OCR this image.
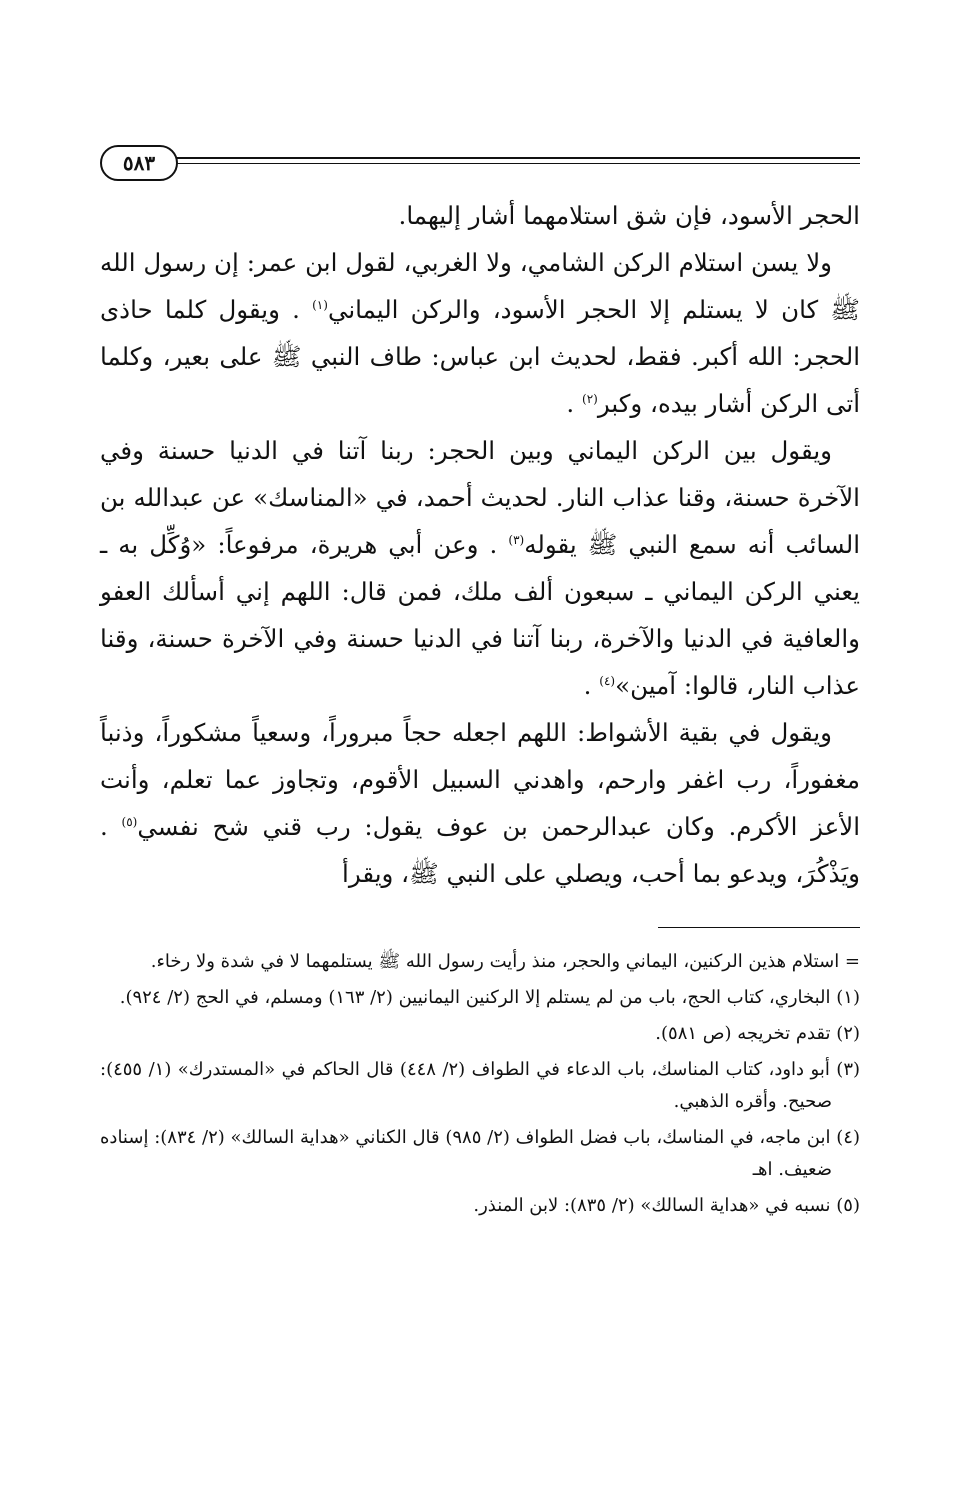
٥٨٣

الحجر الأسود، فإن شق استلامهما أشار إليهما.

ولا يسن استلام الركن الشامي، ولا الغربي، لقول ابن عمر: إن رسول الله ﷺ كان لا يستلم إلا الحجر الأسود، والركن اليماني$^{(١)}$ . ويقول كلما حاذى الحجر: الله أكبر. فقط، لحديث ابن عباس: طاف النبي ﷺ على بعير، وكلما أتى الركن أشار بيده، وكبر$^{(٢)}$ .

ويقول بين الركن اليماني وبين الحجر: ربنا آتنا في الدنيا حسنة وفي الآخرة حسنة، وقنا عذاب النار. لحديث أحمد، في «المناسك» عن عبدالله بن السائب أنه سمع النبي ﷺ يقوله$^{(٣)}$ . وعن أبي هريرة، مرفوعاً: «وُكِّل به ـ يعني الركن اليماني ـ سبعون ألف ملك، فمن قال: اللهم إني أسألك العفو والعافية في الدنيا والآخرة، ربنا آتنا في الدنيا حسنة وفي الآخرة حسنة، وقنا عذاب النار، قالوا: آمين»$^{(٤)}$ .

ويقول في بقية الأشواط: اللهم اجعله حجاً مبروراً، وسعياً مشكوراً، وذنباً مغفوراً، رب اغفر وارحم، واهدني السبيل الأقوم، وتجاوز عما تعلم، وأنت الأعز الأكرم. وكان عبدالرحمن بن عوف يقول: رب قني شح نفسي$^{(٥)}$ . ويَذْكُرَ، ويدعو بما أحب، ويصلي على النبي ﷺ، ويقرأ

= استلام هذين الركنين، اليماني والحجر، منذ رأيت رسول الله ﷺ يستلمهما لا في شدة ولا رخاء.

(١) البخاري، كتاب الحج، باب من لم يستلم إلا الركنين اليمانيين (٢/ ١٦٣) ومسلم، في الحج (٢/ ٩٢٤).

(٢) تقدم تخريجه (ص ٥٨١).

(٣) أبو داود، كتاب المناسك، باب الدعاء في الطواف (٢/ ٤٤٨) قال الحاكم في «المستدرك» (١/ ٤٥٥): صحيح. وأقره الذهبي.

(٤) ابن ماجه، في المناسك، باب فضل الطواف (٢/ ٩٨٥) قال الكناني «هداية السالك» (٢/ ٨٣٤): إسناده ضعيف. اهـ

(٥) نسبه في «هداية السالك» (٢/ ٨٣٥): لابن المنذر.
